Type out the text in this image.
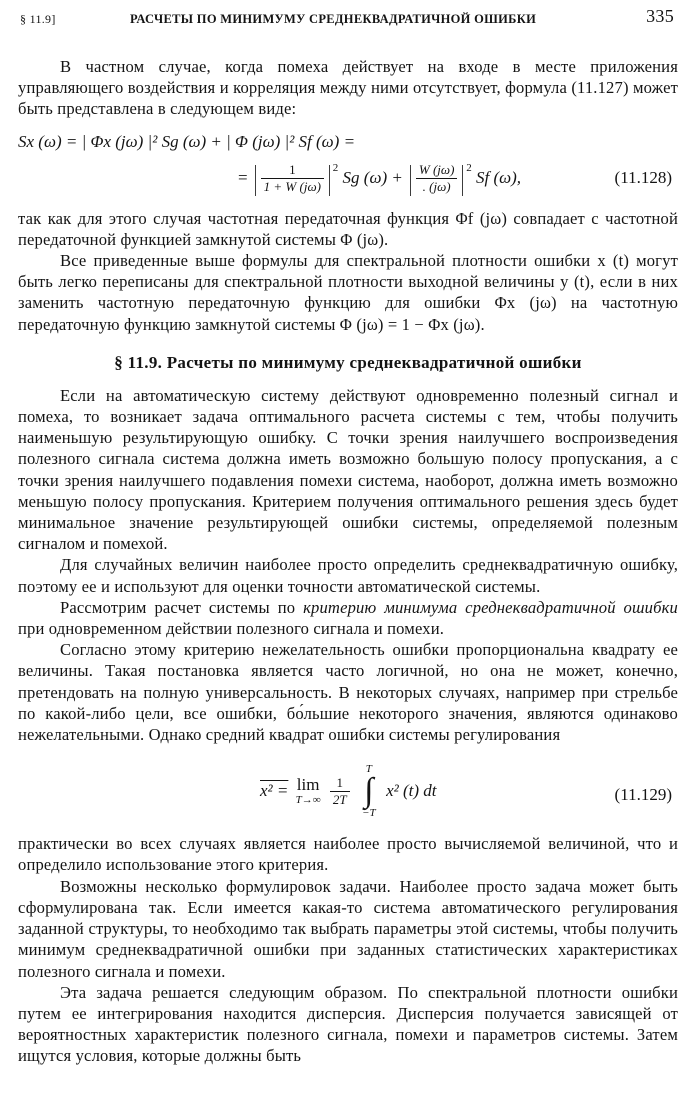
§ 11.9]	РАСЧЕТЫ ПО МИНИМУМУ СРЕДНЕКВАДРАТИЧНОЙ ОШИБКИ	335

В частном случае, когда помеха действует на входе в месте приложения управляющего воздействия и корреляция между ними отсутствует, формула (11.127) может быть представлена в следующем виде:

Sx (ω) = | Φx (jω) |² Sg (ω) + | Φ (jω) |² Sf (ω) =
= | $\frac{1}{1 + W (j\omega)}$ | $^2$ Sg (ω) + | $\frac{W (j\omega)}{. (j\omega)}$ | $^2$ Sf (ω),	(11.128)

так как для этого случая частотная передаточная функция Φf (jω) совпадает с частотной передаточной функцией замкнутой системы Φ (jω).

Все приведенные выше формулы для спектральной плотности ошибки x (t) могут быть легко переписаны для спектральной плотности выходной величины y (t), если в них заменить частотную передаточную функцию для ошибки Φx (jω) на частотную передаточную функцию замкнутой системы Φ (jω) = 1 − Φx (jω).

§ 11.9. Расчеты по минимуму среднеквадратичной ошибки

Если на автоматическую систему действуют одновременно полезный сигнал и помеха, то возникает задача оптимального расчета системы с тем, чтобы получить наименьшую результирующую ошибку. С точки зрения наилучшего воспроизведения полезного сигнала система должна иметь возможно большую полосу пропускания, а с точки зрения наилучшего подавления помехи система, наоборот, должна иметь возможно меньшую полосу пропускания. Критерием получения оптимального решения здесь будет минимальное значение результирующей ошибки системы, определяемой полезным сигналом и помехой.

Для случайных величин наиболее просто определить среднеквадратичную ошибку, поэтому ее и используют для оценки точности автоматической системы.

Рассмотрим расчет системы по критерию минимума среднеквадратичной ошибки при одновременном действии полезного сигнала и помехи.

Согласно этому критерию нежелательность ошибки пропорциональна квадрату ее величины. Такая постановка является часто логичной, но она не может, конечно, претендовать на полную универсальность. В некоторых случаях, например при стрельбе по какой-либо цели, все ошибки, бо́льшие некоторого значения, являются одинаково нежелательными. Однако средний квадрат ошибки системы регулирования

x² = lim
T→∞
$\frac{1}{2T}$

T
∫
−T
x² (t) dt	(11.129)

практически во всех случаях является наиболее просто вычисляемой величиной, что и определило использование этого критерия.

Возможны несколько формулировок задачи. Наиболее просто задача может быть сформулирована так. Если имеется какая-то система автоматического регулирования заданной структуры, то необходимо так выбрать параметры этой системы, чтобы получить минимум среднеквадратичной ошибки при заданных статистических характеристиках полезного сигнала и помехи.

Эта задача решается следующим образом. По спектральной плотности ошибки путем ее интегрирования находится дисперсия. Дисперсия получается зависящей от вероятностных характеристик полезного сигнала, помехи и параметров системы. Затем ищутся условия, которые должны быть
